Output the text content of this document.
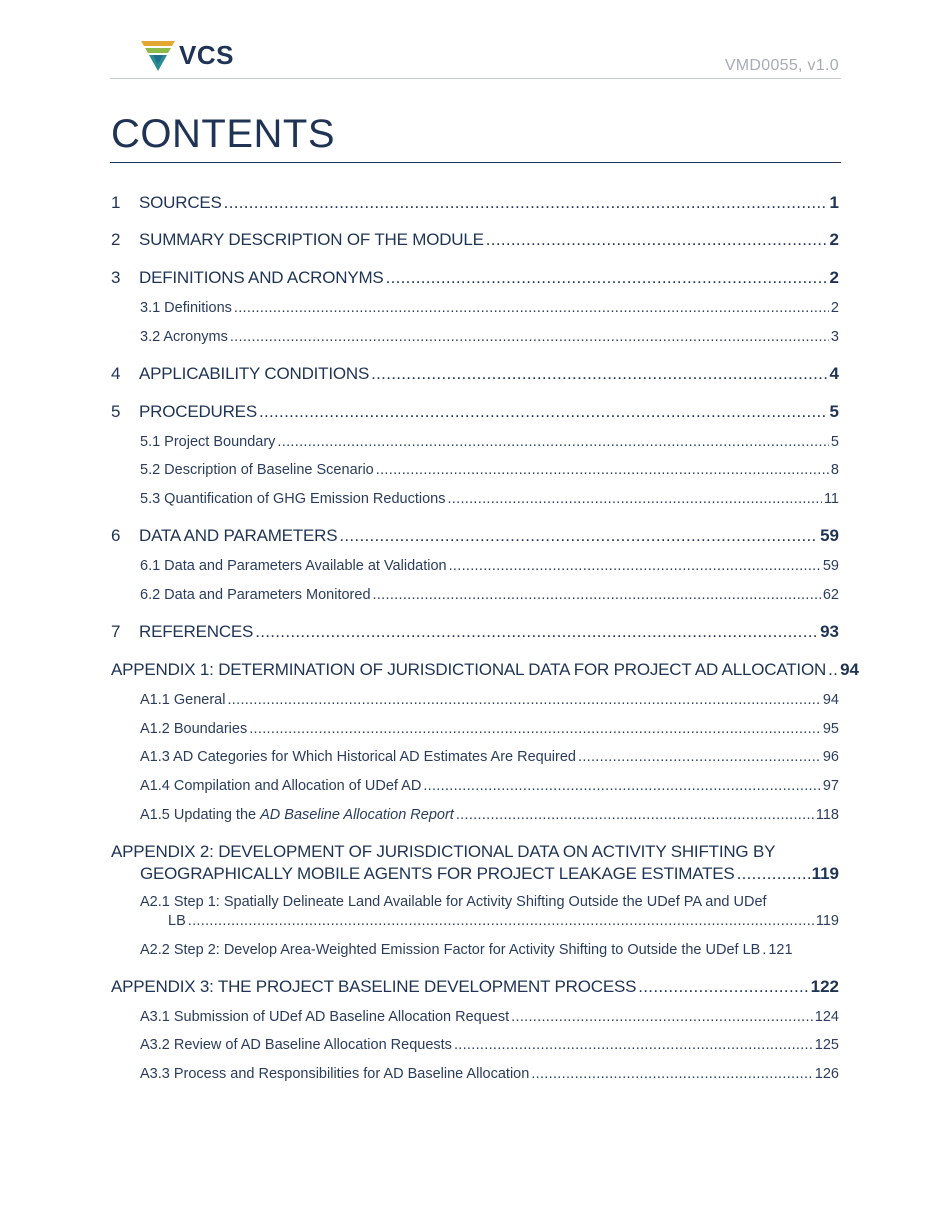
VCS	VMD0055, v1.0
CONTENTS
1	SOURCES .....	1
2	SUMMARY DESCRIPTION OF THE MODULE .....	2
3	DEFINITIONS AND ACRONYMS .....	2
3.1 Definitions .....	2
3.2 Acronyms .....	3
4	APPLICABILITY CONDITIONS .....	4
5	PROCEDURES .....	5
5.1 Project Boundary .....	5
5.2 Description of Baseline Scenario .....	8
5.3 Quantification of GHG Emission Reductions .....	11
6	DATA AND PARAMETERS .....	59
6.1 Data and Parameters Available at Validation .....	59
6.2 Data and Parameters Monitored .....	62
7	REFERENCES .....	93
APPENDIX 1: DETERMINATION OF JURISDICTIONAL DATA FOR PROJECT AD ALLOCATION ..... 94
A1.1 General .....	94
A1.2 Boundaries .....	95
A1.3 AD Categories for Which Historical AD Estimates Are Required .....	96
A1.4 Compilation and Allocation of UDef AD .....	97
A1.5 Updating the AD Baseline Allocation Report .....	118
APPENDIX 2: DEVELOPMENT OF JURISDICTIONAL DATA ON ACTIVITY SHIFTING BY
GEOGRAPHICALLY MOBILE AGENTS FOR PROJECT LEAKAGE ESTIMATES .....	119
A2.1 Step 1: Spatially Delineate Land Available for Activity Shifting Outside the UDef PA and UDef
LB .....	119
A2.2 Step 2: Develop Area-Weighted Emission Factor for Activity Shifting to Outside the UDef LB ..... 121
APPENDIX 3: THE PROJECT BASELINE DEVELOPMENT PROCESS .....	122
A3.1 Submission of UDef AD Baseline Allocation Request .....	124
A3.2 Review of AD Baseline Allocation Requests .....	125
A3.3 Process and Responsibilities for AD Baseline Allocation .....	126
